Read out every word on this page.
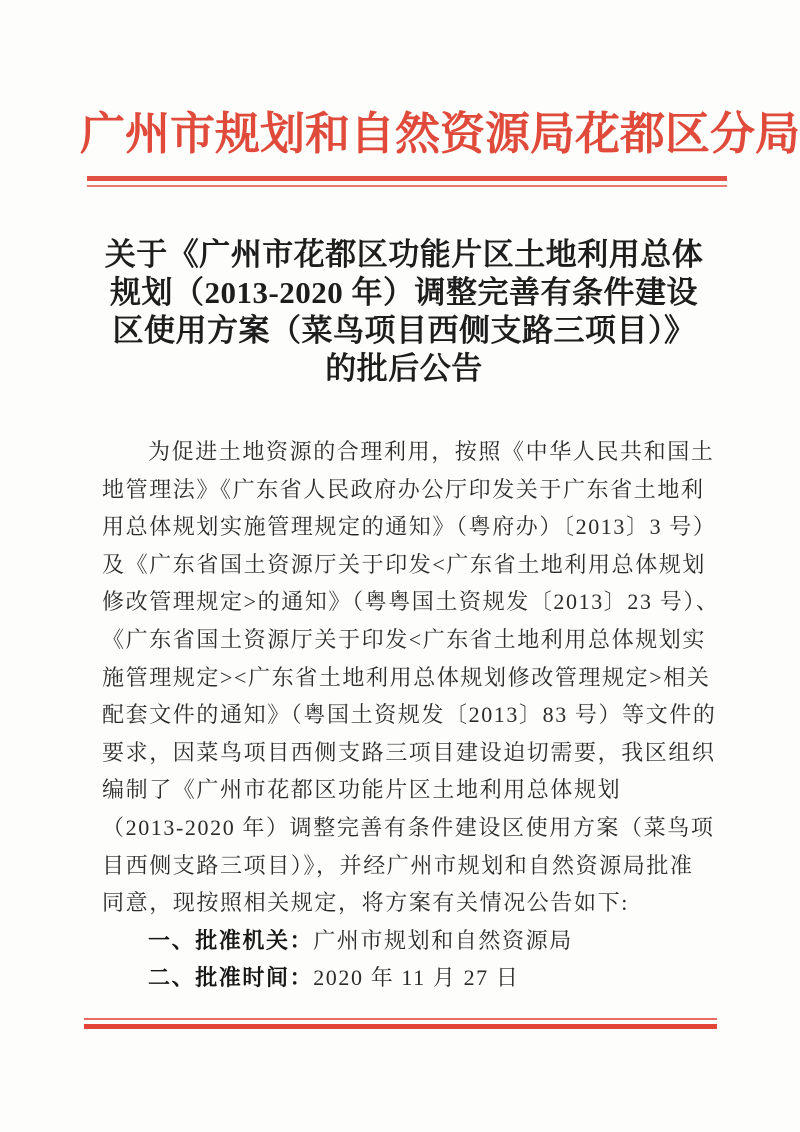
广州市规划和自然资源局花都区分局
关于《广州市花都区功能片区土地利用总体
规划（2013-2020 年）调整完善有条件建设
区使用方案（菜鸟项目西侧支路三项目）》
的批后公告
为促进土地资源的合理利用，按照《中华人民共和国土
地管理法》《广东省人民政府办公厅印发关于广东省土地利
用总体规划实施管理规定的通知》（粤府办）〔2013〕3 号）
及《广东省国土资源厅关于印发<广东省土地利用总体规划
修改管理规定>的通知》（粤粤国土资规发〔2013〕23 号）、
《广东省国土资源厅关于印发<广东省土地利用总体规划实
施管理规定><广东省土地利用总体规划修改管理规定>相关
配套文件的通知》（粤国土资规发〔2013〕83 号）等文件的
要求，因菜鸟项目西侧支路三项目建设迫切需要，我区组织
编制了《广州市花都区功能片区土地利用总体规划
（2013-2020 年）调整完善有条件建设区使用方案（菜鸟项
目西侧支路三项目）》，并经广州市规划和自然资源局批准
同意，现按照相关规定，将方案有关情况公告如下:
一、批准机关：广州市规划和自然资源局
二、批准时间：2020 年 11 月 27 日
